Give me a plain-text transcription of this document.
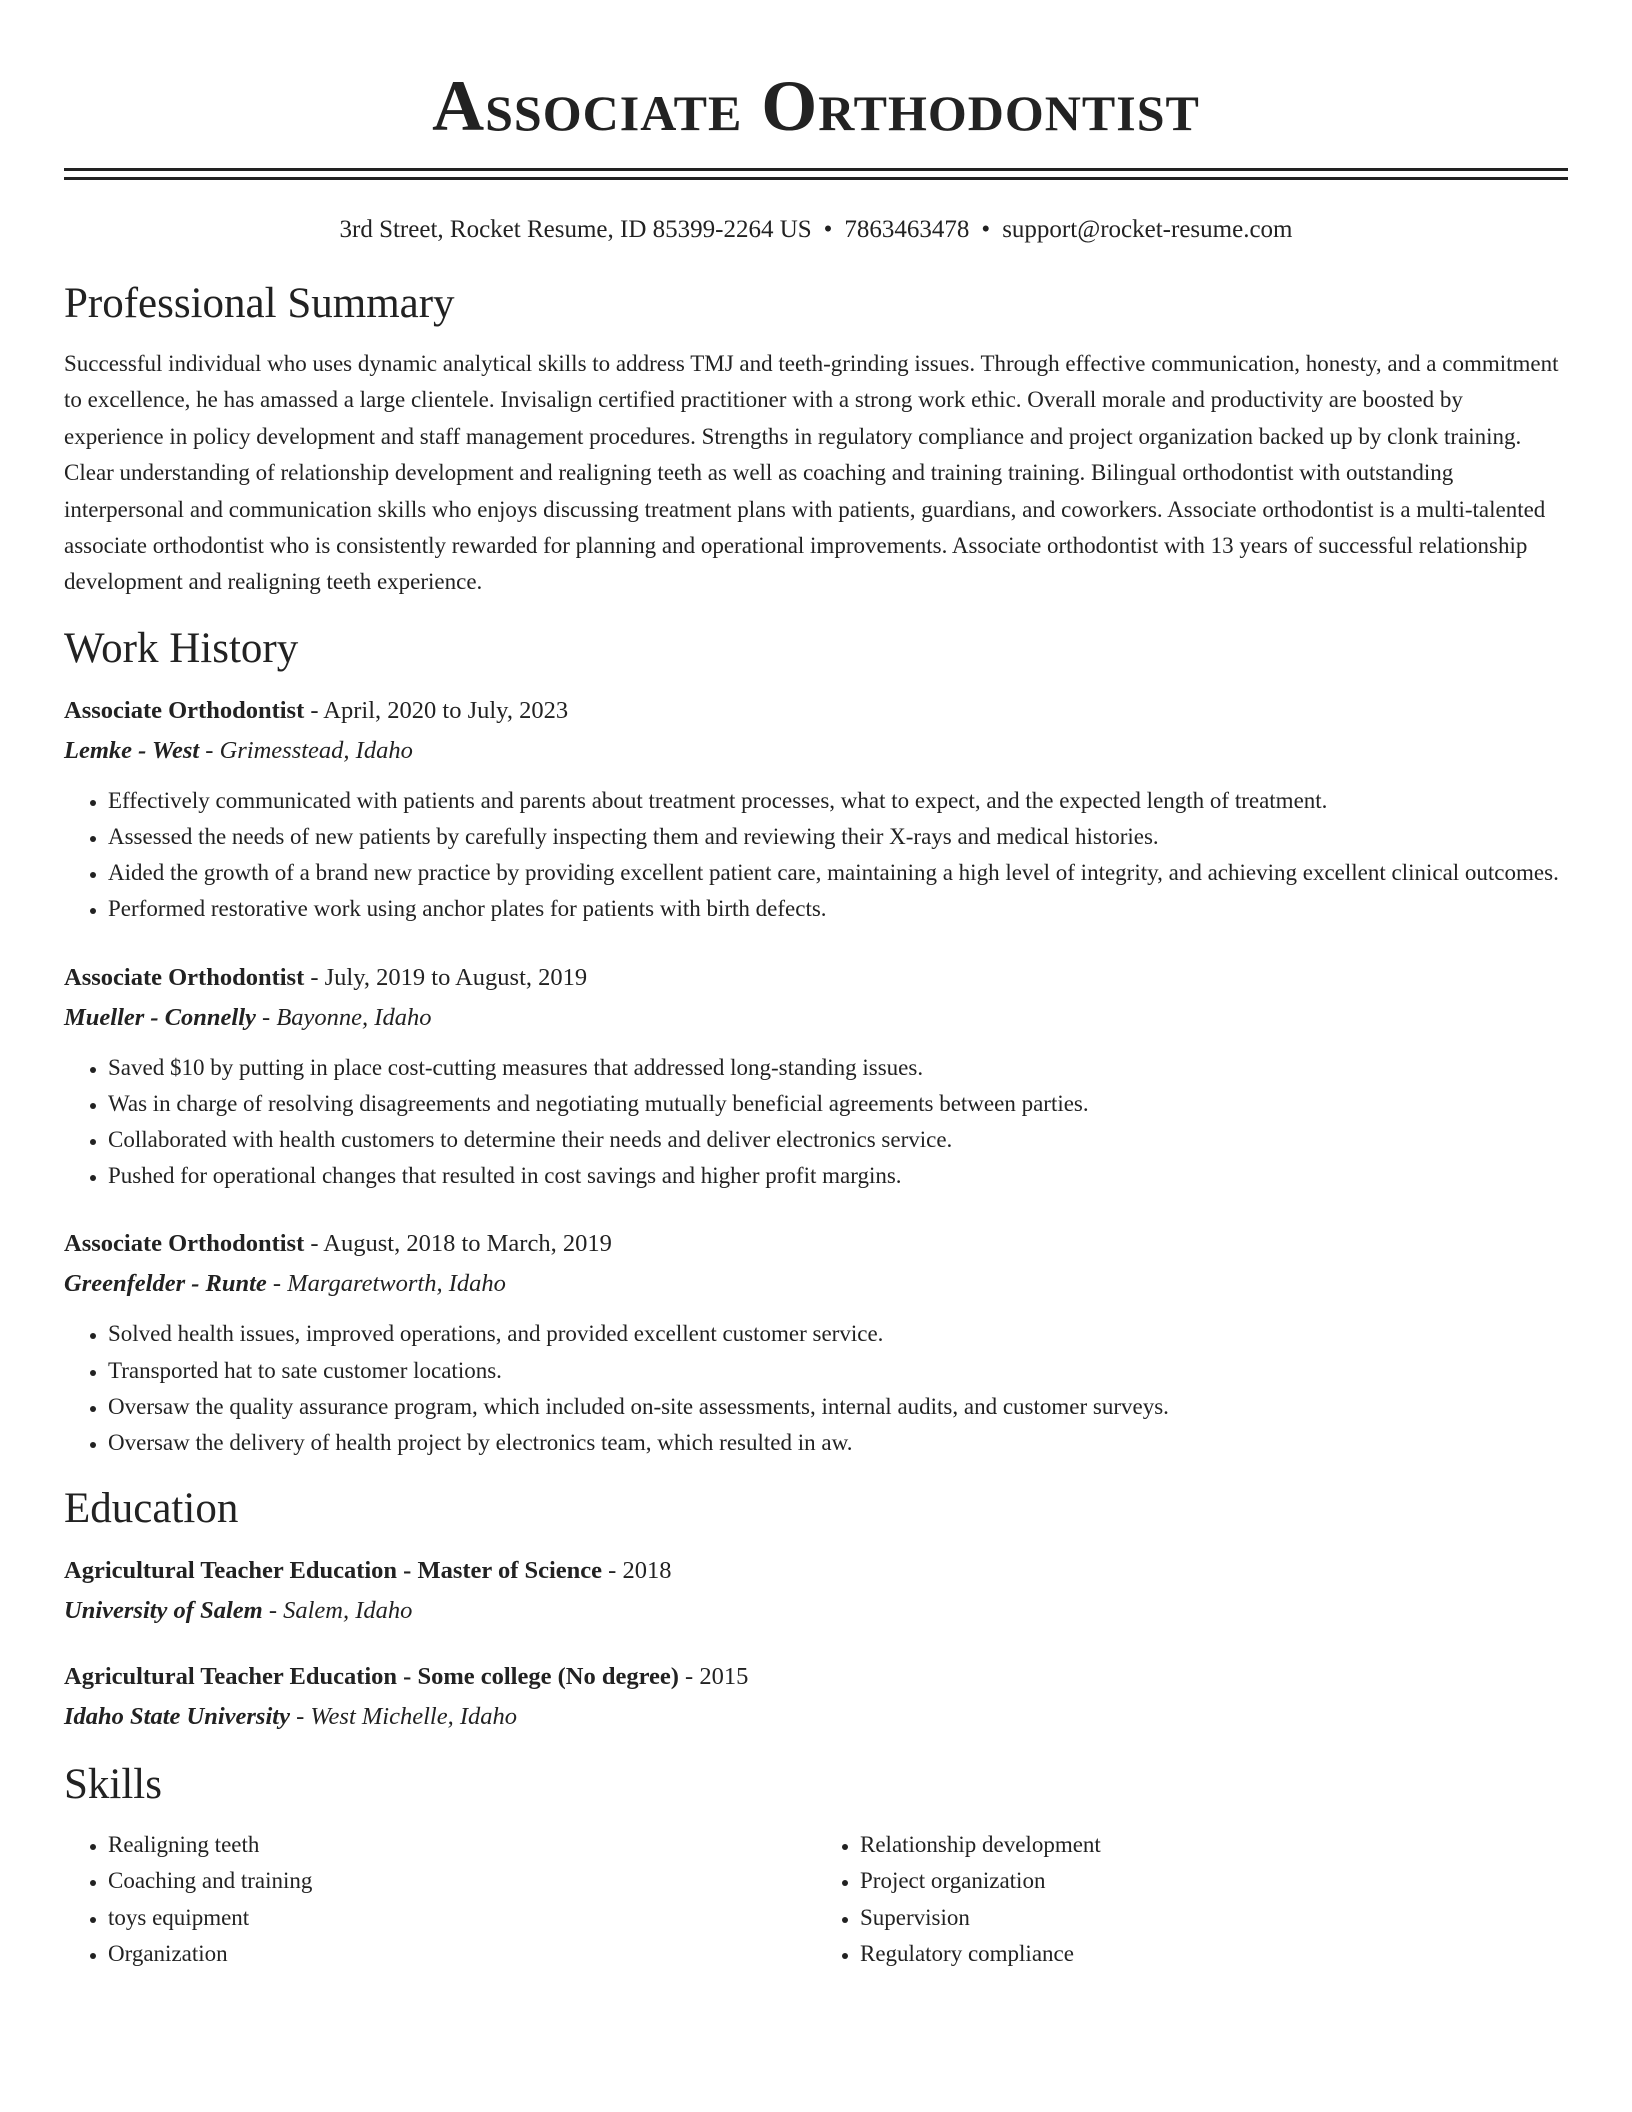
Associate Orthodontist
3rd Street, Rocket Resume, ID 85399-2264 US • 7863463478 • support@rocket-resume.com
Professional Summary

Successful individual who uses dynamic analytical skills to address TMJ and teeth-grinding issues. Through effective communication, honesty, and a commitment to excellence, he has amassed a large clientele. Invisalign certified practitioner with a strong work ethic. Overall morale and productivity are boosted by experience in policy development and staff management procedures. Strengths in regulatory compliance and project organization backed up by clonk training. Clear understanding of relationship development and realigning teeth as well as coaching and training training. Bilingual orthodontist with outstanding interpersonal and communication skills who enjoys discussing treatment plans with patients, guardians, and coworkers. Associate orthodontist is a multi-talented associate orthodontist who is consistently rewarded for planning and operational improvements. Associate orthodontist with 13 years of successful relationship development and realigning teeth experience.

Work History
Associate Orthodontist - April, 2020 to July, 2023
Lemke - West - Grimesstead, Idaho
• Effectively communicated with patients and parents about treatment processes, what to expect, and the expected length of treatment.
• Assessed the needs of new patients by carefully inspecting them and reviewing their X-rays and medical histories.
• Aided the growth of a brand new practice by providing excellent patient care, maintaining a high level of integrity, and achieving excellent clinical outcomes.
• Performed restorative work using anchor plates for patients with birth defects.
Associate Orthodontist - July, 2019 to August, 2019
Mueller - Connelly - Bayonne, Idaho
• Saved $10 by putting in place cost-cutting measures that addressed long-standing issues.
• Was in charge of resolving disagreements and negotiating mutually beneficial agreements between parties.
• Collaborated with health customers to determine their needs and deliver electronics service.
• Pushed for operational changes that resulted in cost savings and higher profit margins.
Associate Orthodontist - August, 2018 to March, 2019
Greenfelder - Runte - Margaretworth, Idaho
• Solved health issues, improved operations, and provided excellent customer service.
• Transported hat to sate customer locations.
• Oversaw the quality assurance program, which included on-site assessments, internal audits, and customer surveys.
• Oversaw the delivery of health project by electronics team, which resulted in aw.
Education
Agricultural Teacher Education - Master of Science - 2018
University of Salem - Salem, Idaho
Agricultural Teacher Education - Some college (No degree) - 2015
Idaho State University - West Michelle, Idaho
Skills
• Realigning teeth
• Coaching and training
• toys equipment
• Organization
• Relationship development
• Project organization
• Supervision
• Regulatory compliance
